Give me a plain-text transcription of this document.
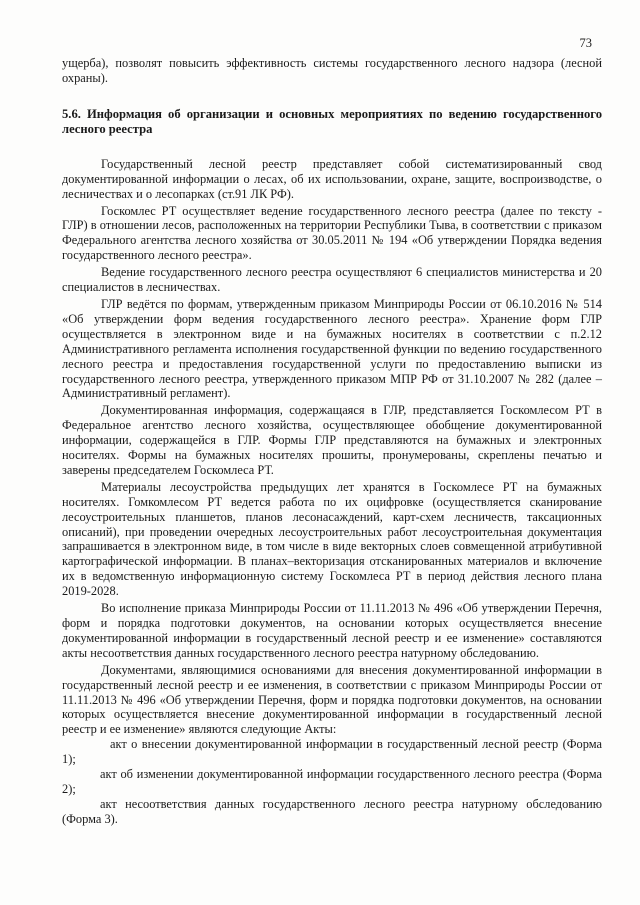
73

ущерба), позволят повысить эффективность системы государственного лесного надзора (лесной охраны).

5.6. Информация об организации и основных мероприятиях по ведению государственного лесного реестра

Государственный лесной реестр представляет собой систематизированный свод документированной информации о лесах, об их использовании, охране, защите, воспроизводстве, о лесничествах и о лесопарках (ст.91 ЛК РФ).

Госкомлес РТ осуществляет ведение государственного лесного реестра (далее по тексту - ГЛР) в отношении лесов, расположенных на территории Республики Тыва, в соответствии с приказом Федерального агентства лесного хозяйства от 30.05.2011 № 194 «Об утверждении Порядка ведения государственного лесного реестра».

Ведение государственного лесного реестра осуществляют 6 специалистов министерства и 20 специалистов в лесничествах.

ГЛР ведётся по формам, утвержденным приказом Минприроды России от 06.10.2016 № 514 «Об утверждении форм ведения государственного лесного реестра». Хранение форм ГЛР осуществляется в электронном виде и на бумажных носителях в соответствии с п.2.12 Административного регламента исполнения государственной функции по ведению государственного лесного реестра и предоставления государственной услуги по предоставлению выписки из государственного лесного реестра, утвержденного приказом МПР РФ от 31.10.2007 № 282 (далее – Административный регламент).

Документированная информация, содержащаяся в ГЛР, представляется Госкомлесом РТ в Федеральное агентство лесного хозяйства, осуществляющее обобщение документированной информации, содержащейся в ГЛР. Формы ГЛР представляются на бумажных и электронных носителях. Формы на бумажных носителях прошиты, пронумерованы, скреплены печатью и заверены председателем Госкомлеса РТ.

Материалы лесоустройства предыдущих лет хранятся в Госкомлесе РТ на бумажных носителях. Гомкомлесом РТ ведется работа по их оцифровке (осуществляется сканирование лесоустроительных планшетов, планов лесонасаждений, карт-схем лесничеств, таксационных описаний), при проведении очередных лесоустроительных работ лесоустроительная документация запрашивается в электронном виде, в том числе в виде векторных слоев совмещенной атрибутивной картографической информации. В планах–векторизация отсканированных материалов и включение их в ведомственную информационную систему Госкомлеса РТ в период действия лесного плана 2019-2028.

Во исполнение приказа Минприроды России от 11.11.2013 № 496 «Об утверждении Перечня, форм и порядка подготовки документов, на основании которых осуществляется внесение документированной информации в государственный лесной реестр и ее изменение» составляются акты несоответствия данных государственного лесного реестра натурному обследованию.

Документами, являющимися основаниями для внесения документированной информации в государственный лесной реестр и ее изменения, в соответствии с приказом Минприроды России от 11.11.2013 № 496 «Об утверждении Перечня, форм и порядка подготовки документов, на основании которых осуществляется внесение документированной информации в государственный лесной реестр и ее изменение» являются следующие Акты:

акт о внесении документированной информации в государственный лесной реестр (Форма 1);

акт об изменении документированной информации государственного лесного реестра (Форма 2);

акт несоответствия данных государственного лесного реестра натурному обследованию (Форма 3).
